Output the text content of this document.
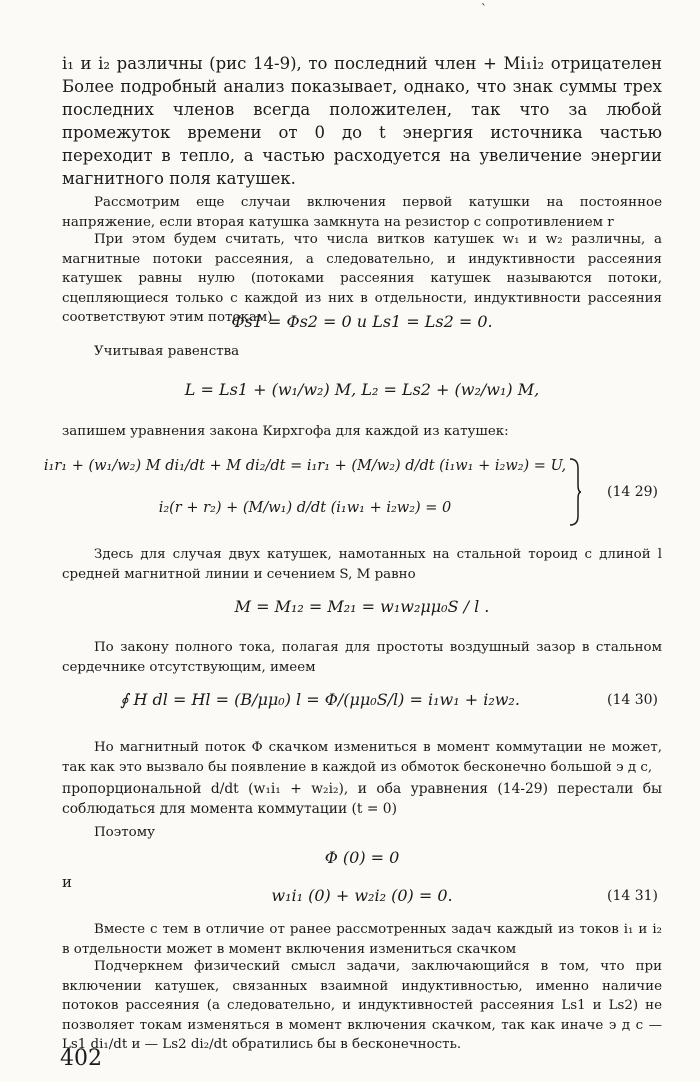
`

i₁ и i₂ различны (рис 14-9), то последний член + Mi₁i₂ отрицателен Более подробный анализ показывает, однако, что знак суммы трех последних членов всегда положителен, так что за любой промежуток времени от 0 до t энергия источника частью переходит в тепло, а частью расходуется на увеличение энергии магнитного поля катушек.

Рассмотрим еще случаи включения первой катушки на постоянное напряжение, если вторая катушка замкнута на резистор с сопротивлением r

При этом будем считать, что числа витков катушек w₁ и w₂ различны, а магнитные потоки рассеяния, а следовательно, и индуктивности рассеяния катушек равны нулю (потоками рассеяния катушек называются потоки, сцепляющиеся только с каждой из них в отдельности, индуктивности рассеяния соответствуют этим потокам)

Φs1 = Φs2 = 0 и Ls1 = Ls2 = 0.

Учитывая равенства

L = Ls1 + (w₁/w₂) M, L₂ = Ls2 + (w₂/w₁) M,

запишем уравнения закона Кирхгофа для каждой из катушек:

i₁r₁ + (w₁/w₂) M di₁/dt + M di₂/dt = i₁r₁ + (M/w₂) d/dt (i₁w₁ + i₂w₂) = U,
i₂(r + r₂) + (M/w₁) d/dt (i₁w₁ + i₂w₂) = 0
(14 29)

Здесь для случая двух катушек, намотанных на стальной тороид с длиной l средней магнитной линии и сечением S, M равно

M = M₁₂ = M₂₁ = w₁w₂μμ₀S / l .

По закону полного тока, полагая для простоты воздушный зазор в стальном сердечнике отсутствующим, имеем

∮ H dl = Hl = (B/μμ₀) l = Φ/(μμ₀S/l) = i₁w₁ + i₂w₂.	(14 30)

Но магнитный поток Φ скачком измениться в момент коммутации не может, так как это вызвало бы появление в каждой из обмоток бесконечно большой э д с,

пропорциональной d/dt (w₁i₁ + w₂i₂), и оба уравнения (14-29) перестали бы соблюдаться для момента коммутации (t = 0)

Поэтому

Φ (0) = 0
и
w₁i₁ (0) + w₂i₂ (0) = 0.	(14 31)

Вместе с тем в отличие от ранее рассмотренных задач каждый из токов i₁ и i₂ в отдельности может в момент включения измениться скачком

Подчеркнем физический смысл задачи, заключающийся в том, что при включении катушек, связанных взаимной индуктивностью, именно наличие потоков рассеяния (а следовательно, и индуктивностей рассеяния Ls1 и Ls2) не позволяет токам изменяться в момент включения скачком, так как иначе э д с — Ls1 di₁/dt и — Ls2 di₂/dt обратились бы в бесконечность.

402
